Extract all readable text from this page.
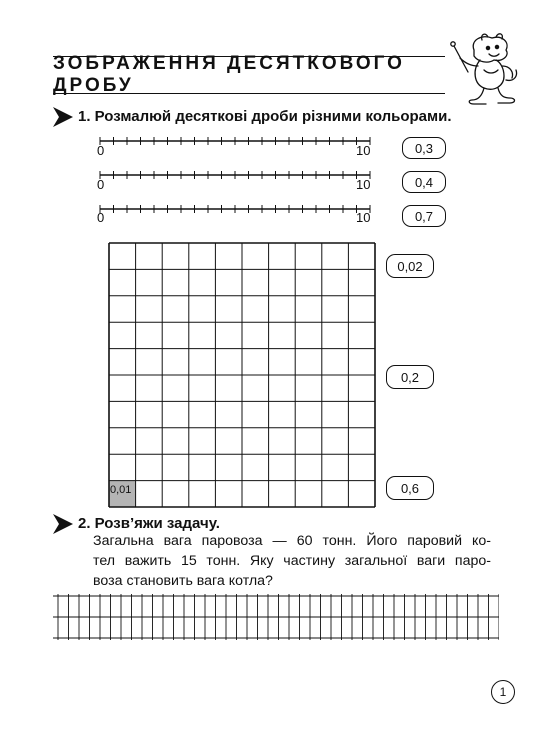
ЗОБРАЖЕННЯ ДЕСЯТКОВОГО ДРОБУ
1. Розмалюй десяткові дроби різними кольорами.
0	10	0,3
0	10	0,4
0	10	0,7
0,01
0,02
0,2
0,6
2. Розв’яжи задачу.
Загальна вага паровоза — 60 тонн. Його паровий ко-
тел важить 15 тонн. Яку частину загальної ваги паро-
воза становить вага котла?
1
